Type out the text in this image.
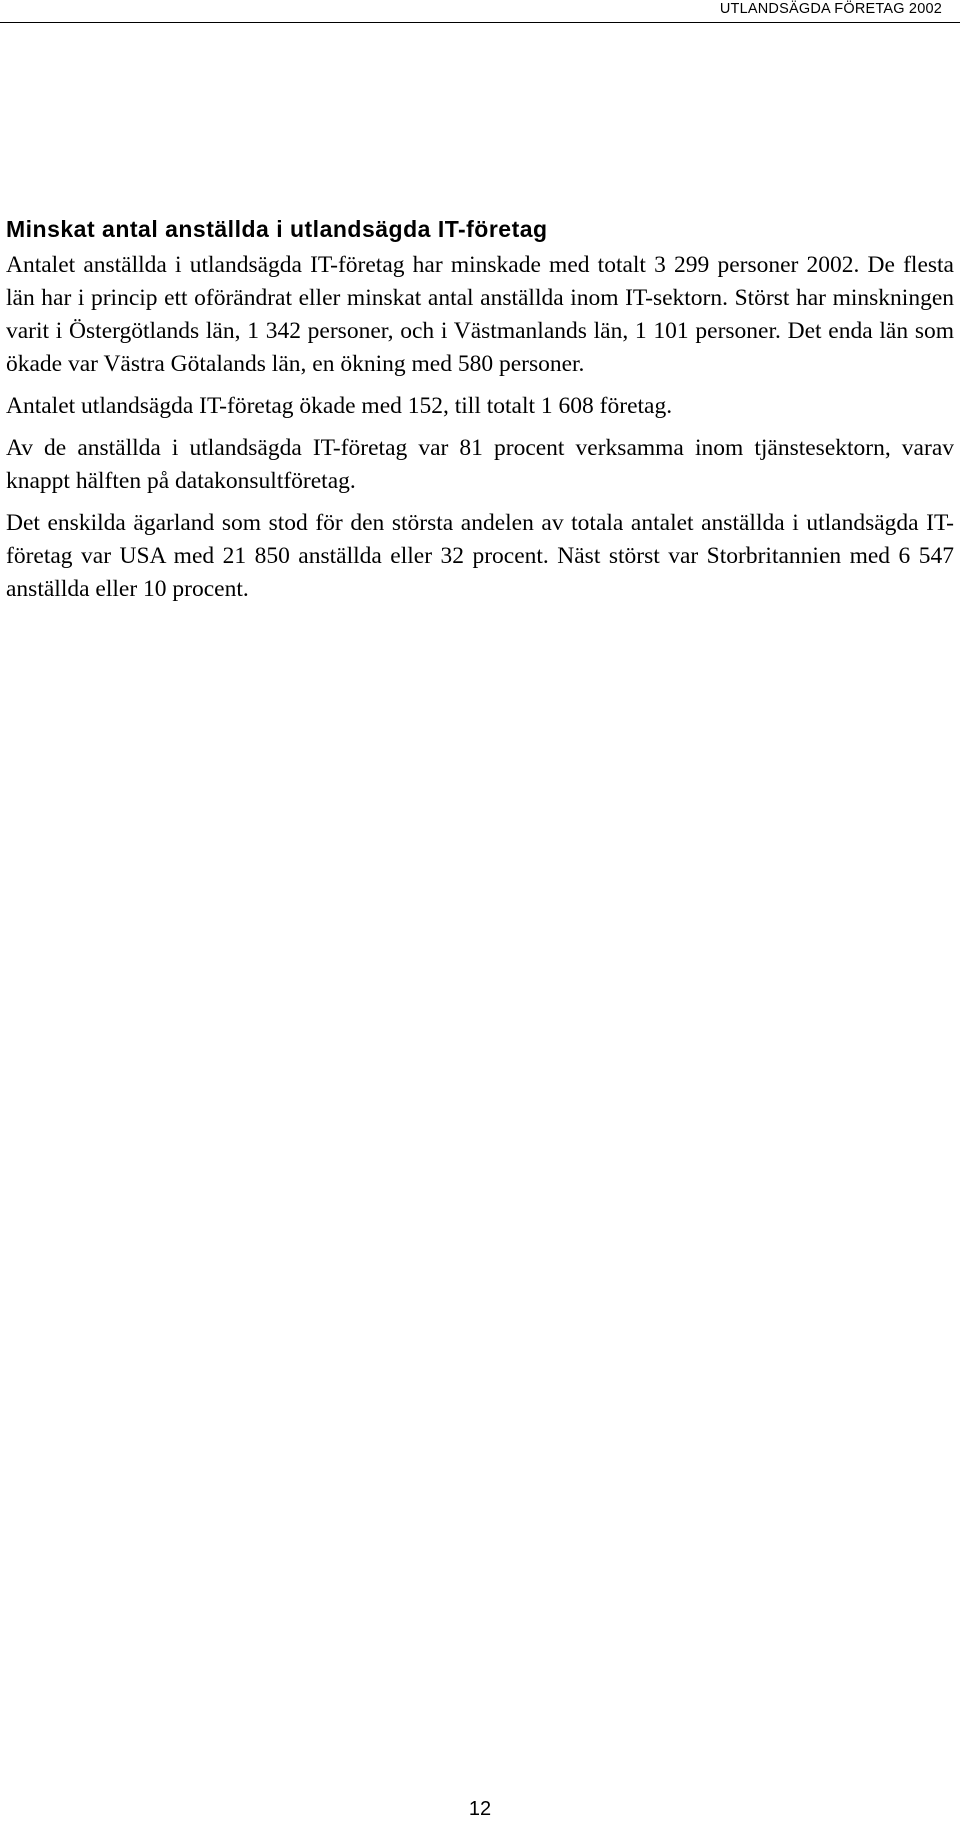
UTLANDSÄGDA FÖRETAG 2002
Minskat antal anställda i utlandsägda IT-företag

Antalet anställda i utlandsägda IT-företag har minskade med totalt 3 299 personer 2002. De flesta län har i princip ett oförändrat eller minskat antal anställda inom IT-sektorn. Störst har minskningen varit i Östergötlands län, 1 342 personer, och i Västmanlands län, 1 101 personer. Det enda län som ökade var Västra Götalands län, en ökning med 580 personer.

Antalet utlandsägda IT-företag ökade med 152, till totalt 1 608 företag.

Av de anställda i utlandsägda IT-företag var 81 procent verksamma inom tjänstesektorn, varav knappt hälften på datakonsultföretag.

Det enskilda ägarland som stod för den största andelen av totala antalet anställda i utlandsägda IT-företag var USA med 21 850 anställda eller 32 procent. Näst störst var Storbritannien med 6 547 anställda eller 10 procent.

12
